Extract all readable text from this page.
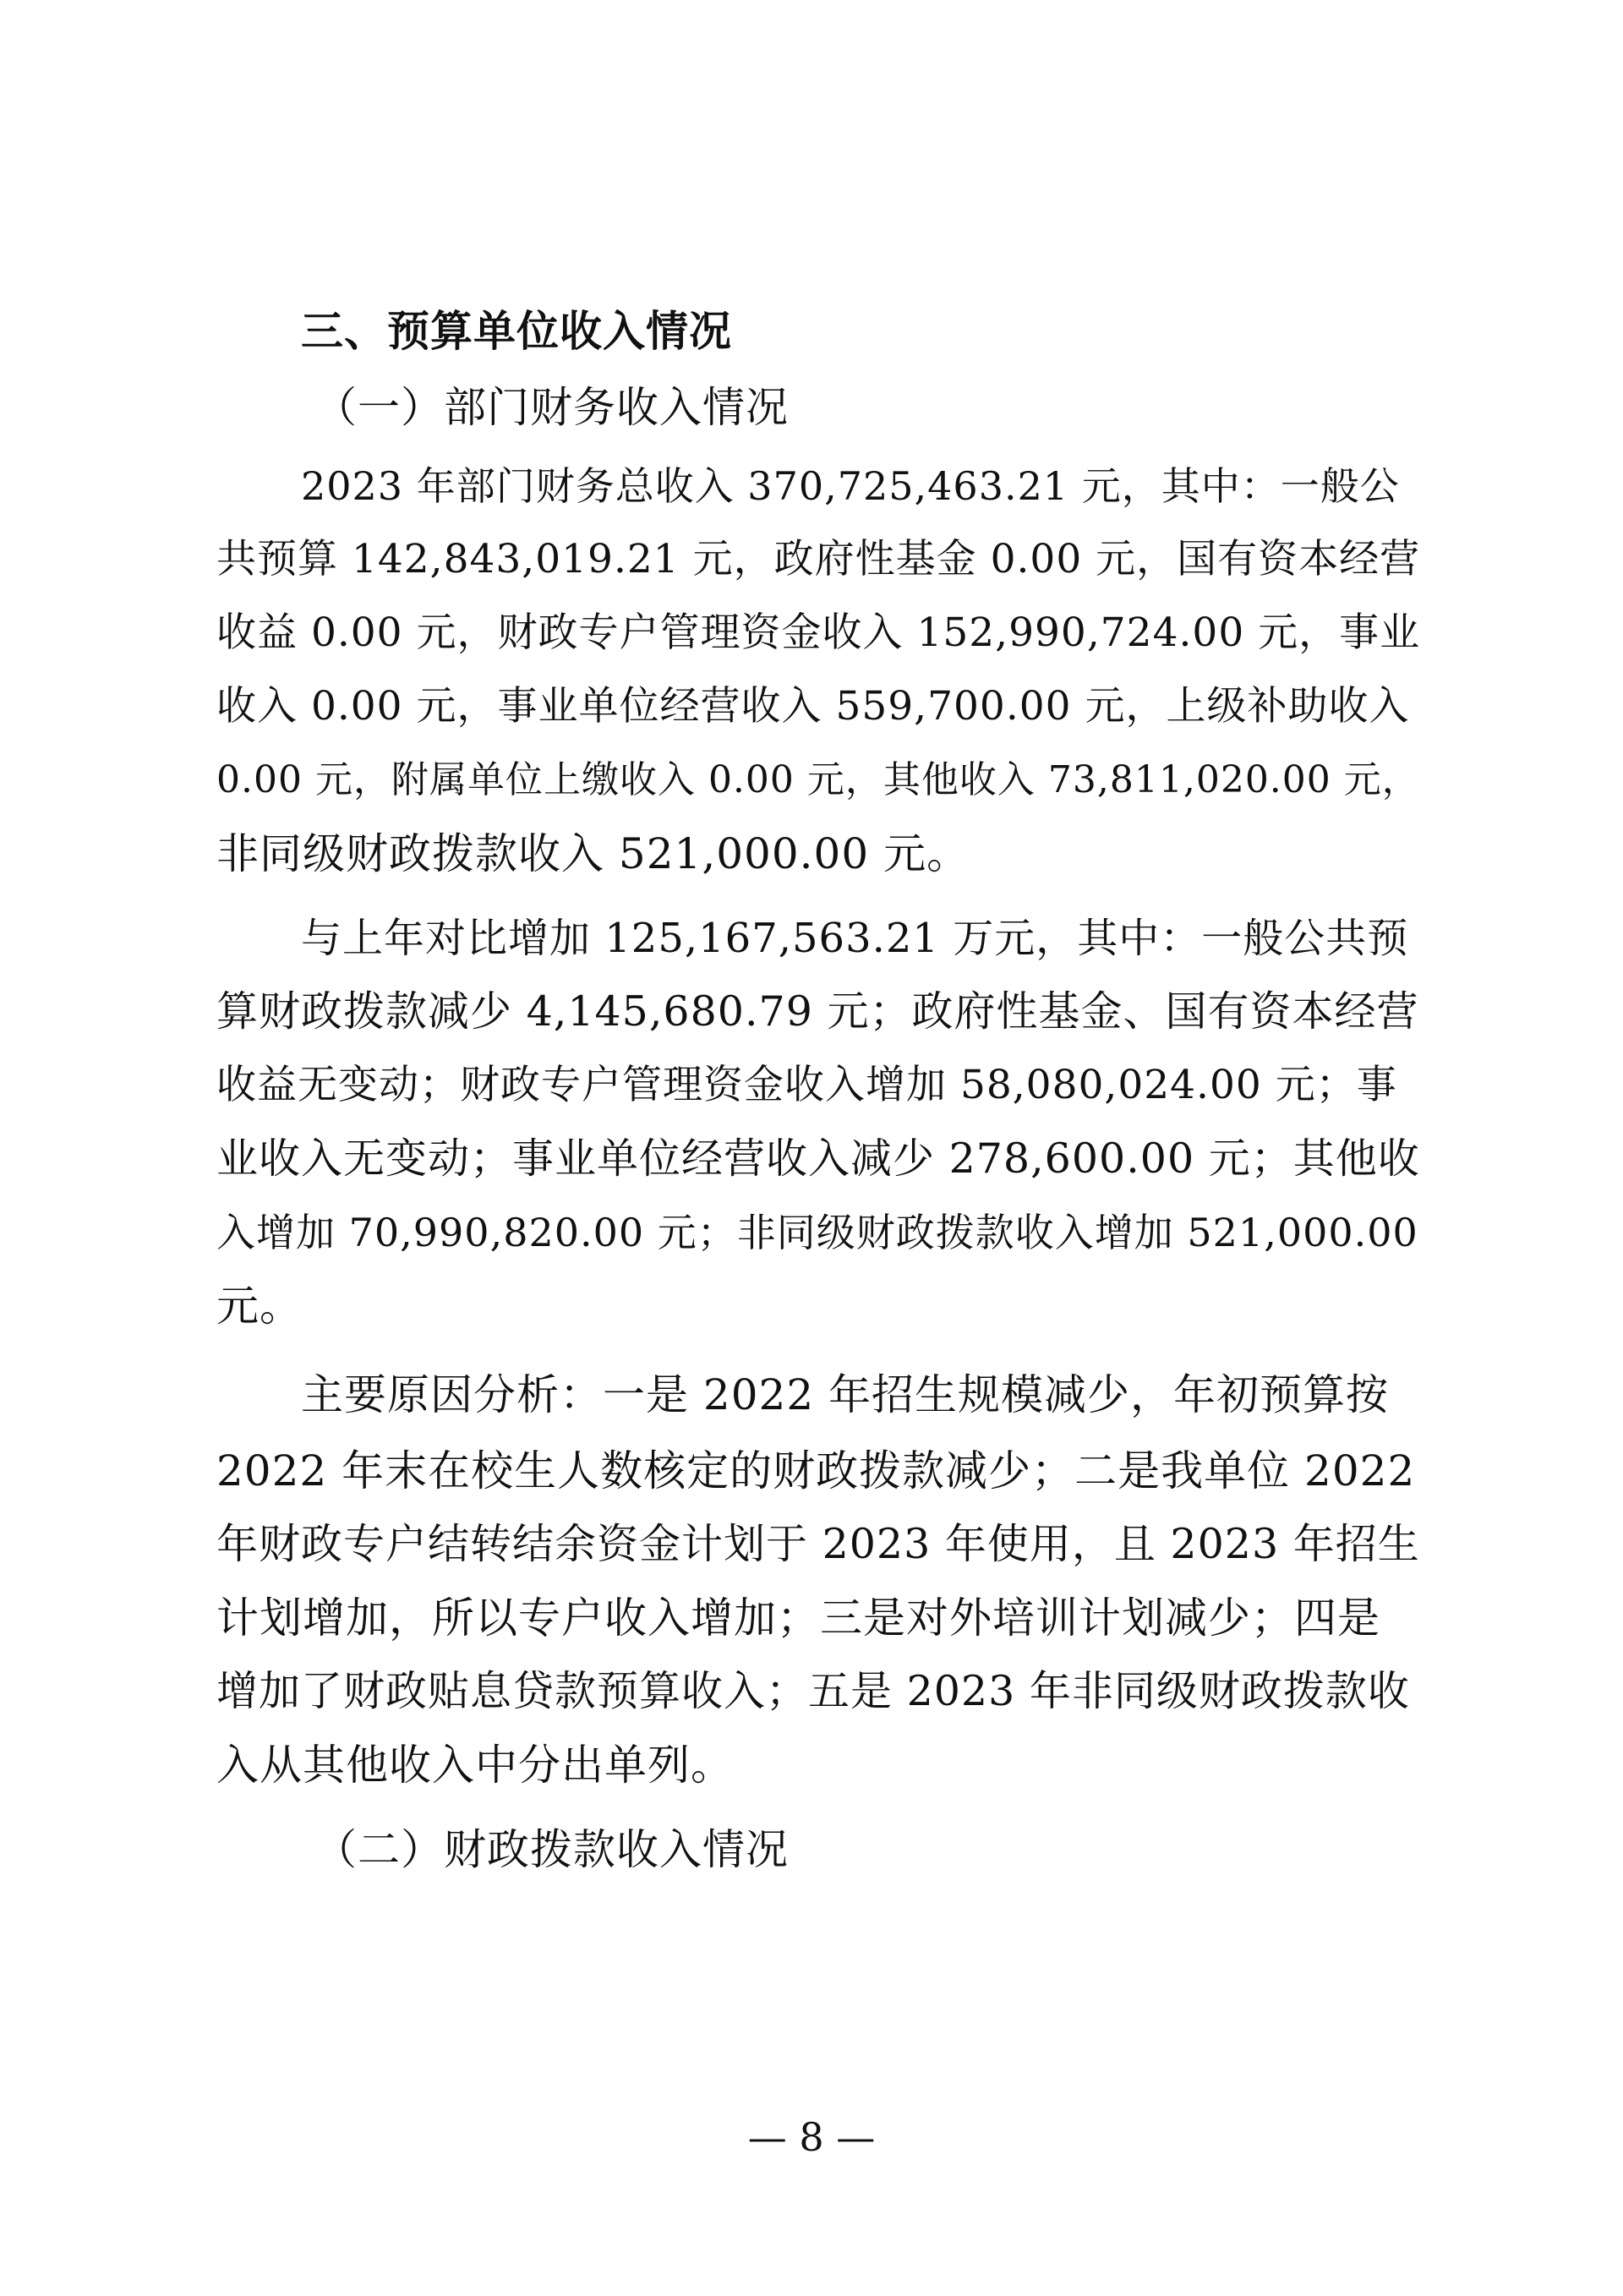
三、预算单位收入情况
（一）部门财务收入情况
2023 年部门财务总收入 370,725,463.21 元，其中：一般公
共预算 142,843,019.21 元，政府性基金 0.00 元，国有资本经营
收益 0.00 元，财政专户管理资金收入 152,990,724.00 元，事业
收入 0.00 元，事业单位经营收入 559,700.00 元，上级补助收入
0.00 元，附属单位上缴收入 0.00 元，其他收入 73,811,020.00 元，
非同级财政拨款收入 521,000.00 元。
与上年对比增加 125,167,563.21 万元，其中：一般公共预
算财政拨款减少 4,145,680.79 元；政府性基金、国有资本经营
收益无变动；财政专户管理资金收入增加 58,080,024.00 元；事
业收入无变动；事业单位经营收入减少 278,600.00 元；其他收
入增加 70,990,820.00 元；非同级财政拨款收入增加 521,000.00
元。
主要原因分析：一是 2022 年招生规模减少，年初预算按
2022 年末在校生人数核定的财政拨款减少；二是我单位 2022
年财政专户结转结余资金计划于 2023 年使用，且 2023 年招生
计划增加，所以专户收入增加；三是对外培训计划减少；四是
增加了财政贴息贷款预算收入；五是 2023 年非同级财政拨款收
入从其他收入中分出单列。
（二）财政拨款收入情况
— 8 —
